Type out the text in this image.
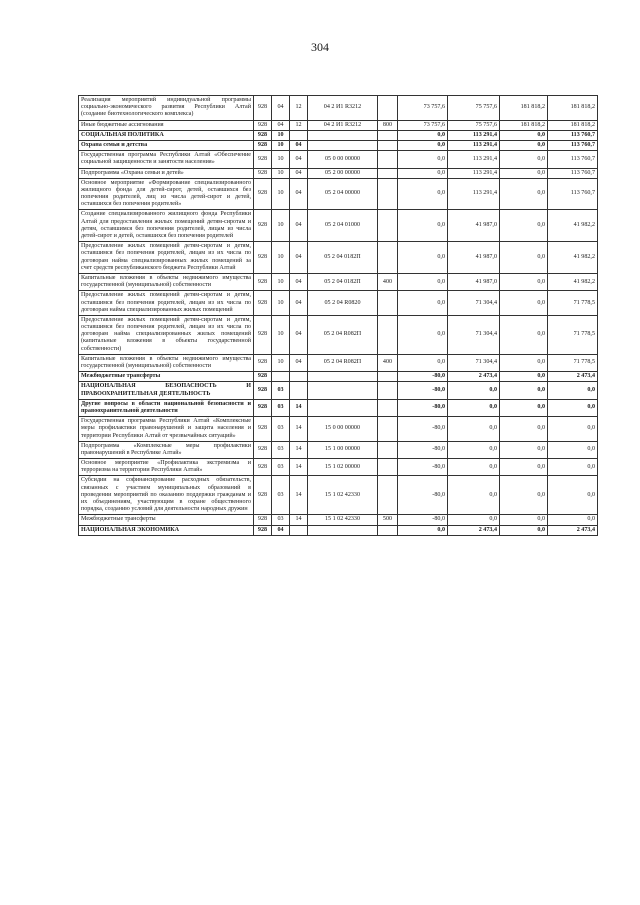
304
Реализация мероприятий индивидуальной программы социально-экономического развития Республики Алтай (создание биотехнологического комплекса)	928	04	12	04 2 И1 R3212		73 757,6	75 757,6	181 818,2	181 818,2
Иные бюджетные ассигнования	928	04	12	04 2 И1 R3212	800	73 757,6	75 757,6	181 818,2	181 818,2
СОЦИАЛЬНАЯ ПОЛИТИКА	928	10				0,0	113 291,4	0,0	113 760,7
Охрана семьи и детства	928	10	04			0,0	113 291,4	0,0	113 760,7
Государственная программа Республики Алтай «Обеспечение социальной защищенности и занятости населения»	928	10	04	05 0 00 00000		0,0	113 291,4	0,0	113 760,7
Подпрограмма «Охрана семьи и детей»	928	10	04	05 2 00 00000		0,0	113 291,4	0,0	113 760,7
Основное мероприятие «Формирование специализированного жилищного фонда для детей-сирот, детей, оставшихся без попечения родителей, лиц из числа детей-сирот и детей, оставшихся без попечения родителей»	928	10	04	05 2 04 00000		0,0	113 291,4	0,0	113 760,7
Создание специализированного жилищного фонда Республики Алтай для предоставления жилых помещений детям-сиротам и детям, оставшимся без попечения родителей, лицам из числа детей-сирот и детей, оставшихся без попечения родителей	928	10	04	05 2 04 01000		0,0	41 987,0	0,0	41 982,2
Предоставление жилых помещений детям-сиротам и детям, оставшимся без попечения родителей, лицам из их числа по договорам найма специализированных жилых помещений за счет средств республиканского бюджета Республики Алтай	928	10	04	05 2 04 0182П		0,0	41 987,0	0,0	41 982,2
Капитальные вложения в объекты недвижимого имущества государственной (муниципальной) собственности	928	10	04	05 2 04 0182П	400	0,0	41 987,0	0,0	41 982,2
Предоставление жилых помещений детям-сиротам и детям, оставшимся без попечения родителей, лицам из их числа по договорам найма специализированных жилых помещений	928	10	04	05 2 04 R0820		0,0	71 304,4	0,0	71 778,5
Предоставление жилых помещений детям-сиротам и детям, оставшимся без попечения родителей, лицам из их числа по договорам найма специализированных жилых помещений (капитальные вложения в объекты государственной собственности)	928	10	04	05 2 04 R082П		0,0	71 304,4	0,0	71 778,5
Капитальные вложения в объекты недвижимого имущества государственной (муниципальной) собственности	928	10	04	05 2 04 R082П	400	0,0	71 304,4	0,0	71 778,5
Межбюджетные трансферты	928					-80,0	2 473,4	0,0	2 473,4
НАЦИОНАЛЬНАЯ БЕЗОПАСНОСТЬ И ПРАВООХРАНИТЕЛЬНАЯ ДЕЯТЕЛЬНОСТЬ	928	03				-80,0	0,0	0,0	0,0
Другие вопросы в области национальной безопасности и правоохранительной деятельности	928	03	14			-80,0	0,0	0,0	0,0
Государственная программа Республики Алтай «Комплексные меры профилактики правонарушений и защита населения и территории Республики Алтай от чрезвычайных ситуаций»	928	03	14	15 0 00 00000		-80,0	0,0	0,0	0,0
Подпрограмма «Комплексные меры профилактики правонарушений в Республике Алтай»	928	03	14	15 1 00 00000		-80,0	0,0	0,0	0,0
Основное мероприятие «Профилактика экстремизма и терроризма на территории Республики Алтай»	928	03	14	15 1 02 00000		-80,0	0,0	0,0	0,0
Субсидии на софинансирование расходных обязательств, связанных с участием муниципальных образований в проведении мероприятий по оказанию поддержки гражданам и их объединениям, участвующим в охране общественного порядка, созданию условий для деятельности народных дружин	928	03	14	15 1 02 42330		-80,0	0,0	0,0	0,0
Межбюджетные трансферты	928	03	14	15 1 02 42330	500	-80,0	0,0	0,0	0,0
НАЦИОНАЛЬНАЯ ЭКОНОМИКА	928	04				0,0	2 473,4	0,0	2 473,4
